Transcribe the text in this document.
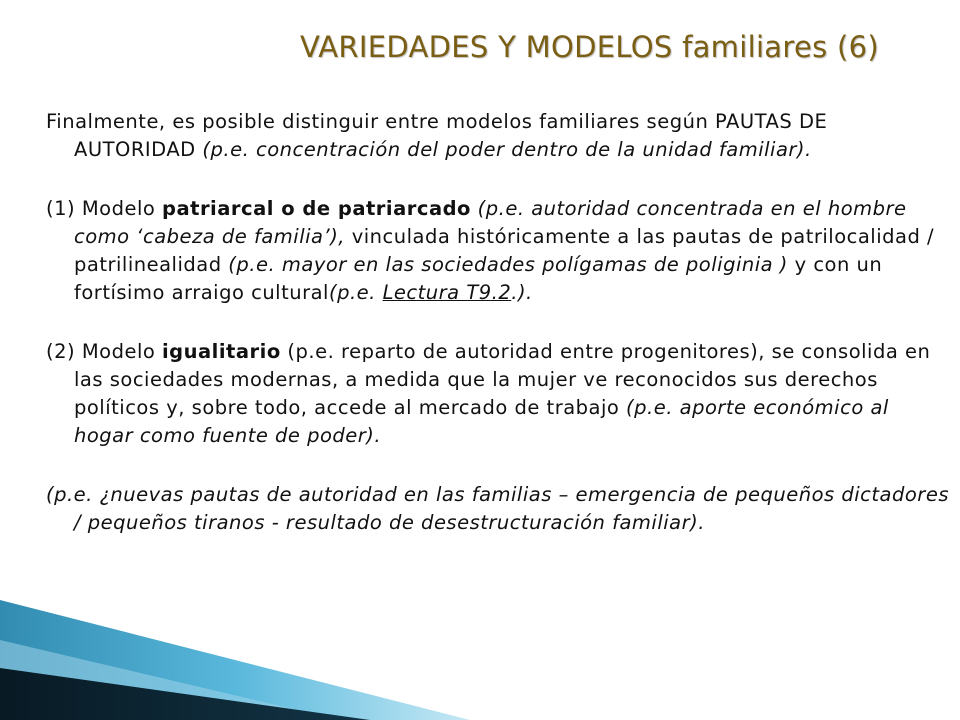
VARIEDADES Y MODELOS familiares (6)

Finalmente, es posible distinguir entre modelos familiares según PAUTAS DE AUTORIDAD (p.e. concentración del poder dentro de la unidad familiar).

(1) Modelo patriarcal o de patriarcado (p.e. autoridad concentrada en el hombre como ‘cabeza de familia’), vinculada históricamente a las pautas de patrilocalidad / patrilinealidad (p.e. mayor en las sociedades polígamas de poliginia ) y con un fortísimo arraigo cultural(p.e. Lectura T9.2.).

(2) Modelo igualitario (p.e. reparto de autoridad entre progenitores), se consolida en las sociedades modernas, a medida que la mujer ve reconocidos sus derechos políticos y, sobre todo, accede al mercado de trabajo (p.e. aporte económico al hogar como fuente de poder).

(p.e. ¿nuevas pautas de autoridad en las familias – emergencia de pequeños dictadores / pequeños tiranos - resultado de desestructuración familiar).
